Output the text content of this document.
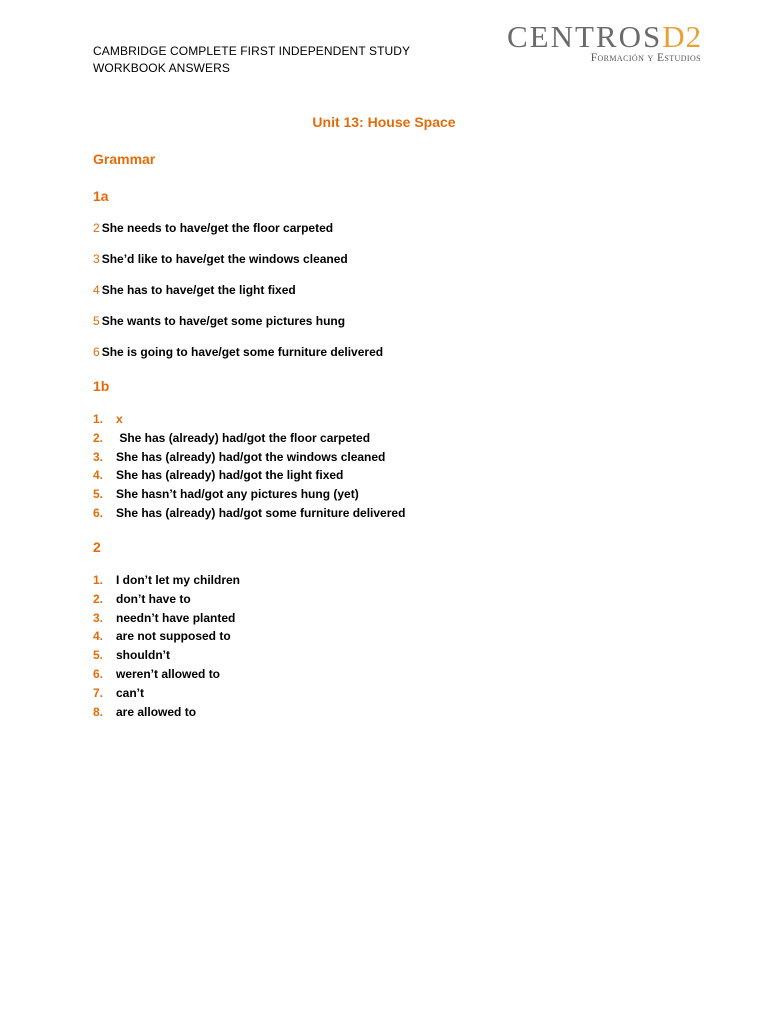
CAMBRIDGE COMPLETE FIRST INDEPENDENT STUDY
WORKBOOK ANSWERS
CENTROSD2
Formación y Estudios
Unit 13: House Space
Grammar
1a
2 She needs to have/get the floor carpeted
3 She’d like to have/get the windows cleaned
4 She has to have/get the light fixed
5 She wants to have/get some pictures hung
6 She is going to have/get some furniture delivered
1b
1. x
2. She has (already) had/got the floor carpeted
3. She has (already) had/got the windows cleaned
4. She has (already) had/got the light fixed
5. She hasn’t had/got any pictures hung (yet)
6. She has (already) had/got some furniture delivered
2
1. I don’t let my children
2. don’t have to
3. needn’t have planted
4. are not supposed to
5. shouldn’t
6. weren’t allowed to
7. can’t
8. are allowed to
